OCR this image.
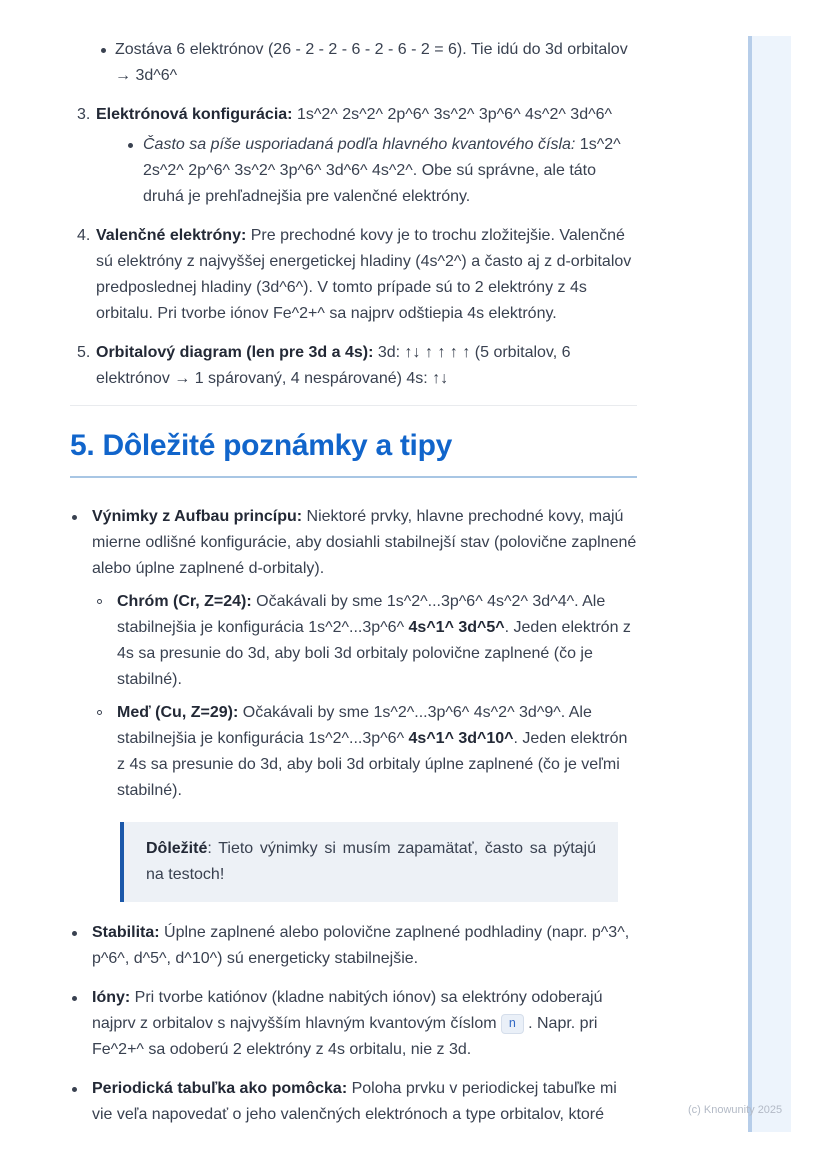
Zostáva 6 elektrónov (26 - 2 - 2 - 6 - 2 - 6 - 2 = 6). Tie idú do 3d orbitalov → 3d^6^
3. Elektrónová konfigurácia: 1s^2^ 2s^2^ 2p^6^ 3s^2^ 3p^6^ 4s^2^ 3d^6^
Často sa píše usporiadaná podľa hlavného kvantového čísla: 1s^2^ 2s^2^ 2p^6^ 3s^2^ 3p^6^ 3d^6^ 4s^2^. Obe sú správne, ale táto druhá je prehľadnejšia pre valenčné elektróny.
4. Valenčné elektróny: Pre prechodné kovy je to trochu zložitejšie. Valenčné sú elektróny z najvyššej energetickej hladiny (4s^2^) a často aj z d-orbitalov predposlednej hladiny (3d^6^). V tomto prípade sú to 2 elektróny z 4s orbitalu. Pri tvorbe iónov Fe^2+^ sa najprv odštiepia 4s elektróny.
5. Orbitalový diagram (len pre 3d a 4s): 3d: ↑↓ ↑ ↑ ↑ ↑ (5 orbitalov, 6 elektrónov → 1 spárovaný, 4 nespárované) 4s: ↑↓
5. Dôležité poznámky a tipy
Výnimky z Aufbau princípu: Niektoré prvky, hlavne prechodné kovy, majú mierne odlišné konfigurácie, aby dosiahli stabilnejší stav (polovične zaplnené alebo úplne zaplnené d-orbitaly).
Chróm (Cr, Z=24): Očakávali by sme 1s^2^...3p^6^ 4s^2^ 3d^4^. Ale stabilnejšia je konfigurácia 1s^2^...3p^6^ 4s^1^ 3d^5^. Jeden elektrón z 4s sa presunie do 3d, aby boli 3d orbitaly polovične zaplnené (čo je stabilné).
Meď (Cu, Z=29): Očakávali by sme 1s^2^...3p^6^ 4s^2^ 3d^9^. Ale stabilnejšia je konfigurácia 1s^2^...3p^6^ 4s^1^ 3d^10^. Jeden elektrón z 4s sa presunie do 3d, aby boli 3d orbitaly úplne zaplnené (čo je veľmi stabilné).
Dôležité: Tieto výnimky si musím zapamätať, často sa pýtajú na testoch!
Stabilita: Úplne zaplnené alebo polovične zaplnené podhladiny (napr. p^3^, p^6^, d^5^, d^10^) sú energeticky stabilnejšie.
Ióny: Pri tvorbe katiónov (kladne nabitých iónov) sa elektróny odoberajú najprv z orbitalov s najvyšším hlavným kvantovým číslom n . Napr. pri Fe^2+^ sa odoberú 2 elektróny z 4s orbitalu, nie z 3d.
Periodická tabuľka ako pomôcka: Poloha prvku v periodickej tabuľke mi vie veľa napovedať o jeho valenčných elektrónoch a type orbitalov, ktoré	(c) Knowunity 2025
